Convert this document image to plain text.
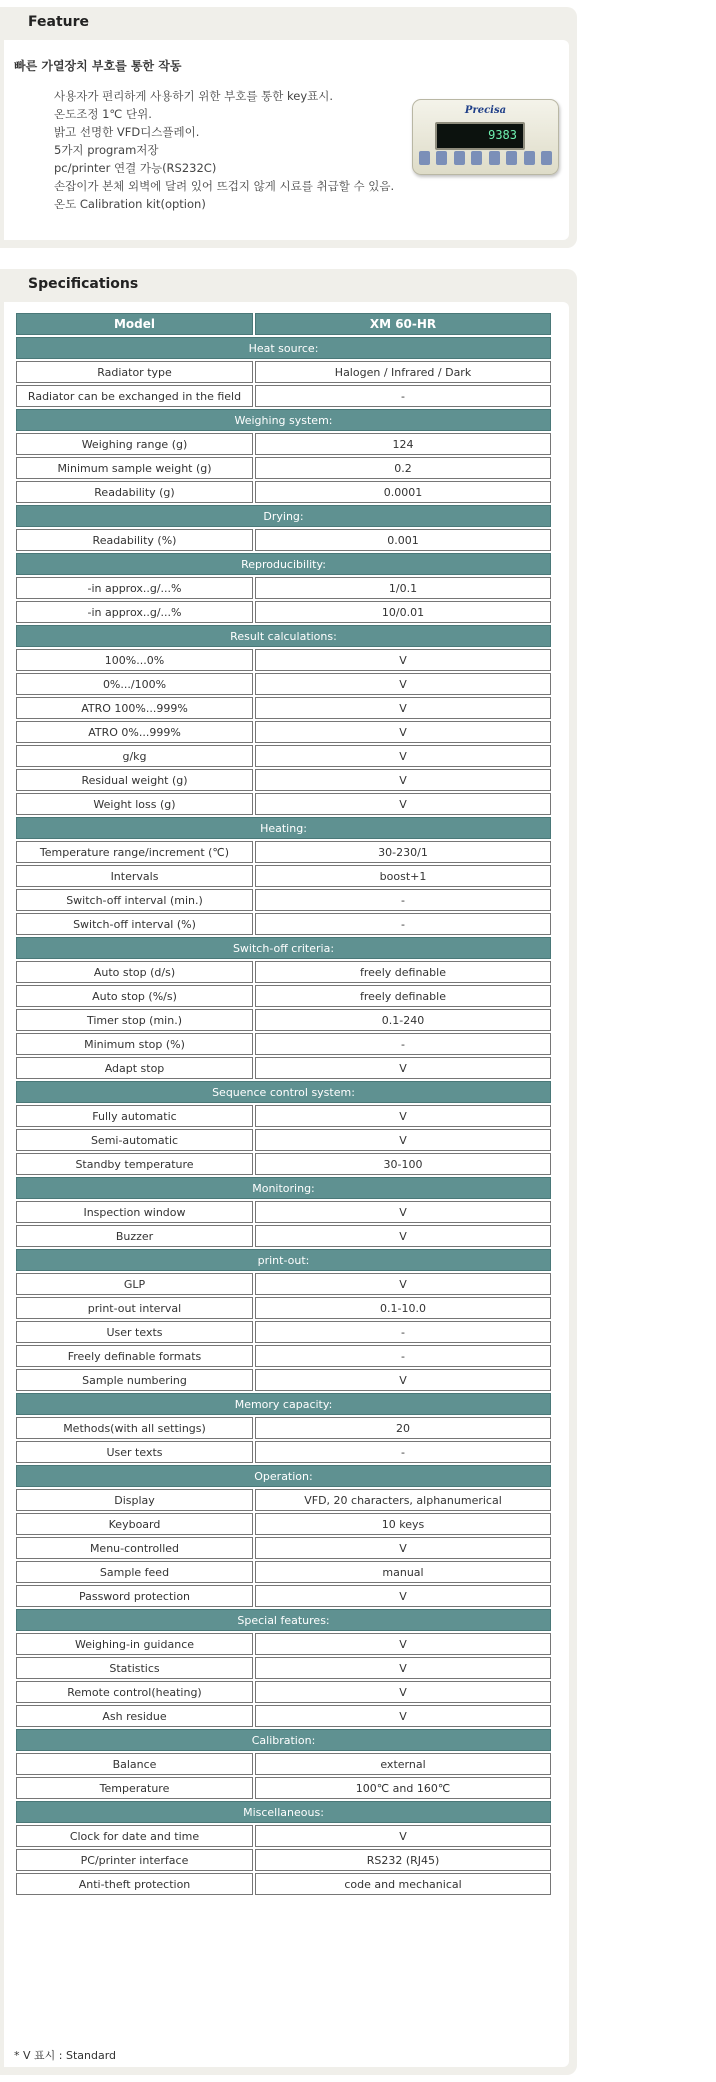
Feature
빠른 가열장치 부호를 통한 작동
사용자가 편리하게 사용하기 위한 부호를 통한 key표시.
온도조정 1℃ 단위.
밝고 선명한 VFD디스플레이.
5가지 program저장
pc/printer 연결 가능(RS232C)
손잡이가 본체 외벽에 달려 있어 뜨겁지 않게 시료를 취급할 수 있음.
온도 Calibration kit(option)
Precisa
9383
Specifications
Model	XM 60-HR
Heat source:	
Radiator type	Halogen / Infrared / Dark
Radiator can be exchanged in the field	-
Weighing system:	
Weighing range (g)	124
Minimum sample weight (g)	0.2
Readability (g)	0.0001
Drying:	
Readability (%)	0.001
Reproducibility:	
-in approx..g/...%	1/0.1
-in approx..g/...%	10/0.01
Result calculations:	
100%...0%	V
0%.../100%	V
ATRO 100%...999%	V
ATRO 0%...999%	V
g/kg	V
Residual weight (g)	V
Weight loss (g)	V
Heating:	
Temperature range/increment (℃)	30-230/1
Intervals	boost+1
Switch-off interval (min.)	-
Switch-off interval (%)	-
Switch-off criteria:	
Auto stop (d/s)	freely definable
Auto stop (%/s)	freely definable
Timer stop (min.)	0.1-240
Minimum stop (%)	-
Adapt stop	V
Sequence control system:	
Fully automatic	V
Semi-automatic	V
Standby temperature	30-100
Monitoring:	
Inspection window	V
Buzzer	V
print-out:	
GLP	V
print-out interval	0.1-10.0
User texts	-
Freely definable formats	-
Sample numbering	V
Memory capacity:	
Methods(with all settings)	20
User texts	-
Operation:	
Display	VFD, 20 characters, alphanumerical
Keyboard	10 keys
Menu-controlled	V
Sample feed	manual
Password protection	V
Special features:	
Weighing-in guidance	V
Statistics	V
Remote control(heating)	V
Ash residue	V
Calibration:	
Balance	external
Temperature	100℃ and 160℃
Miscellaneous:	
Clock for date and time	V
PC/printer interface	RS232 (RJ45)
Anti-theft protection	code and mechanical
* V 표시 : Standard
